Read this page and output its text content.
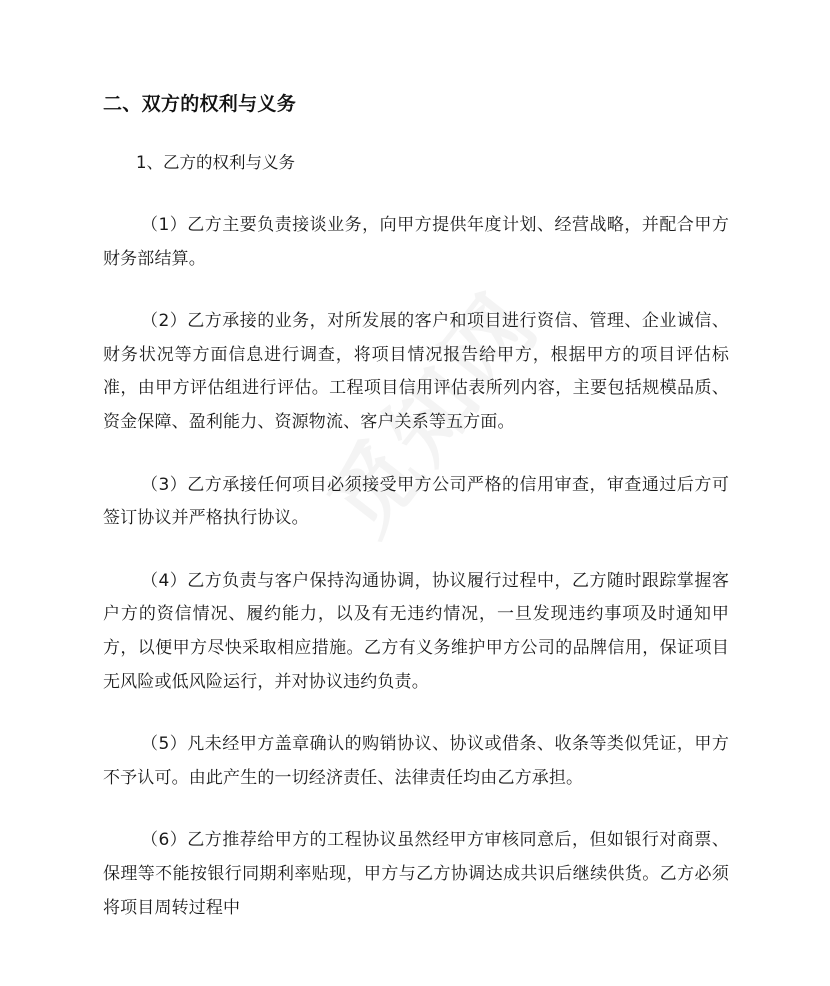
二、双方的权利与义务
1、乙方的权利与义务

（1）乙方主要负责接谈业务，向甲方提供年度计划、经营战略，并配合甲方财务部结算。

（2）乙方承接的业务，对所发展的客户和项目进行资信、管理、企业诚信、财务状况等方面信息进行调查，将项目情况报告给甲方，根据甲方的项目评估标准，由甲方评估组进行评估。工程项目信用评估表所列内容，主要包括规模品质、资金保障、盈利能力、资源物流、客户关系等五方面。

（3）乙方承接任何项目必须接受甲方公司严格的信用审查，审查通过后方可签订协议并严格执行协议。

（4）乙方负责与客户保持沟通协调，协议履行过程中，乙方随时跟踪掌握客户方的资信情况、履约能力，以及有无违约情况，一旦发现违约事项及时通知甲方，以便甲方尽快采取相应措施。乙方有义务维护甲方公司的品牌信用，保证项目无风险或低风险运行，并对协议违约负责。

（5）凡未经甲方盖章确认的购销协议、协议或借条、收条等类似凭证，甲方不予认可。由此产生的一切经济责任、法律责任均由乙方承担。

（6）乙方推荐给甲方的工程协议虽然经甲方审核同意后，但如银行对商票、保理等不能按银行同期利率贴现，甲方与乙方协调达成共识后继续供货。乙方必须将项目周转过程中
